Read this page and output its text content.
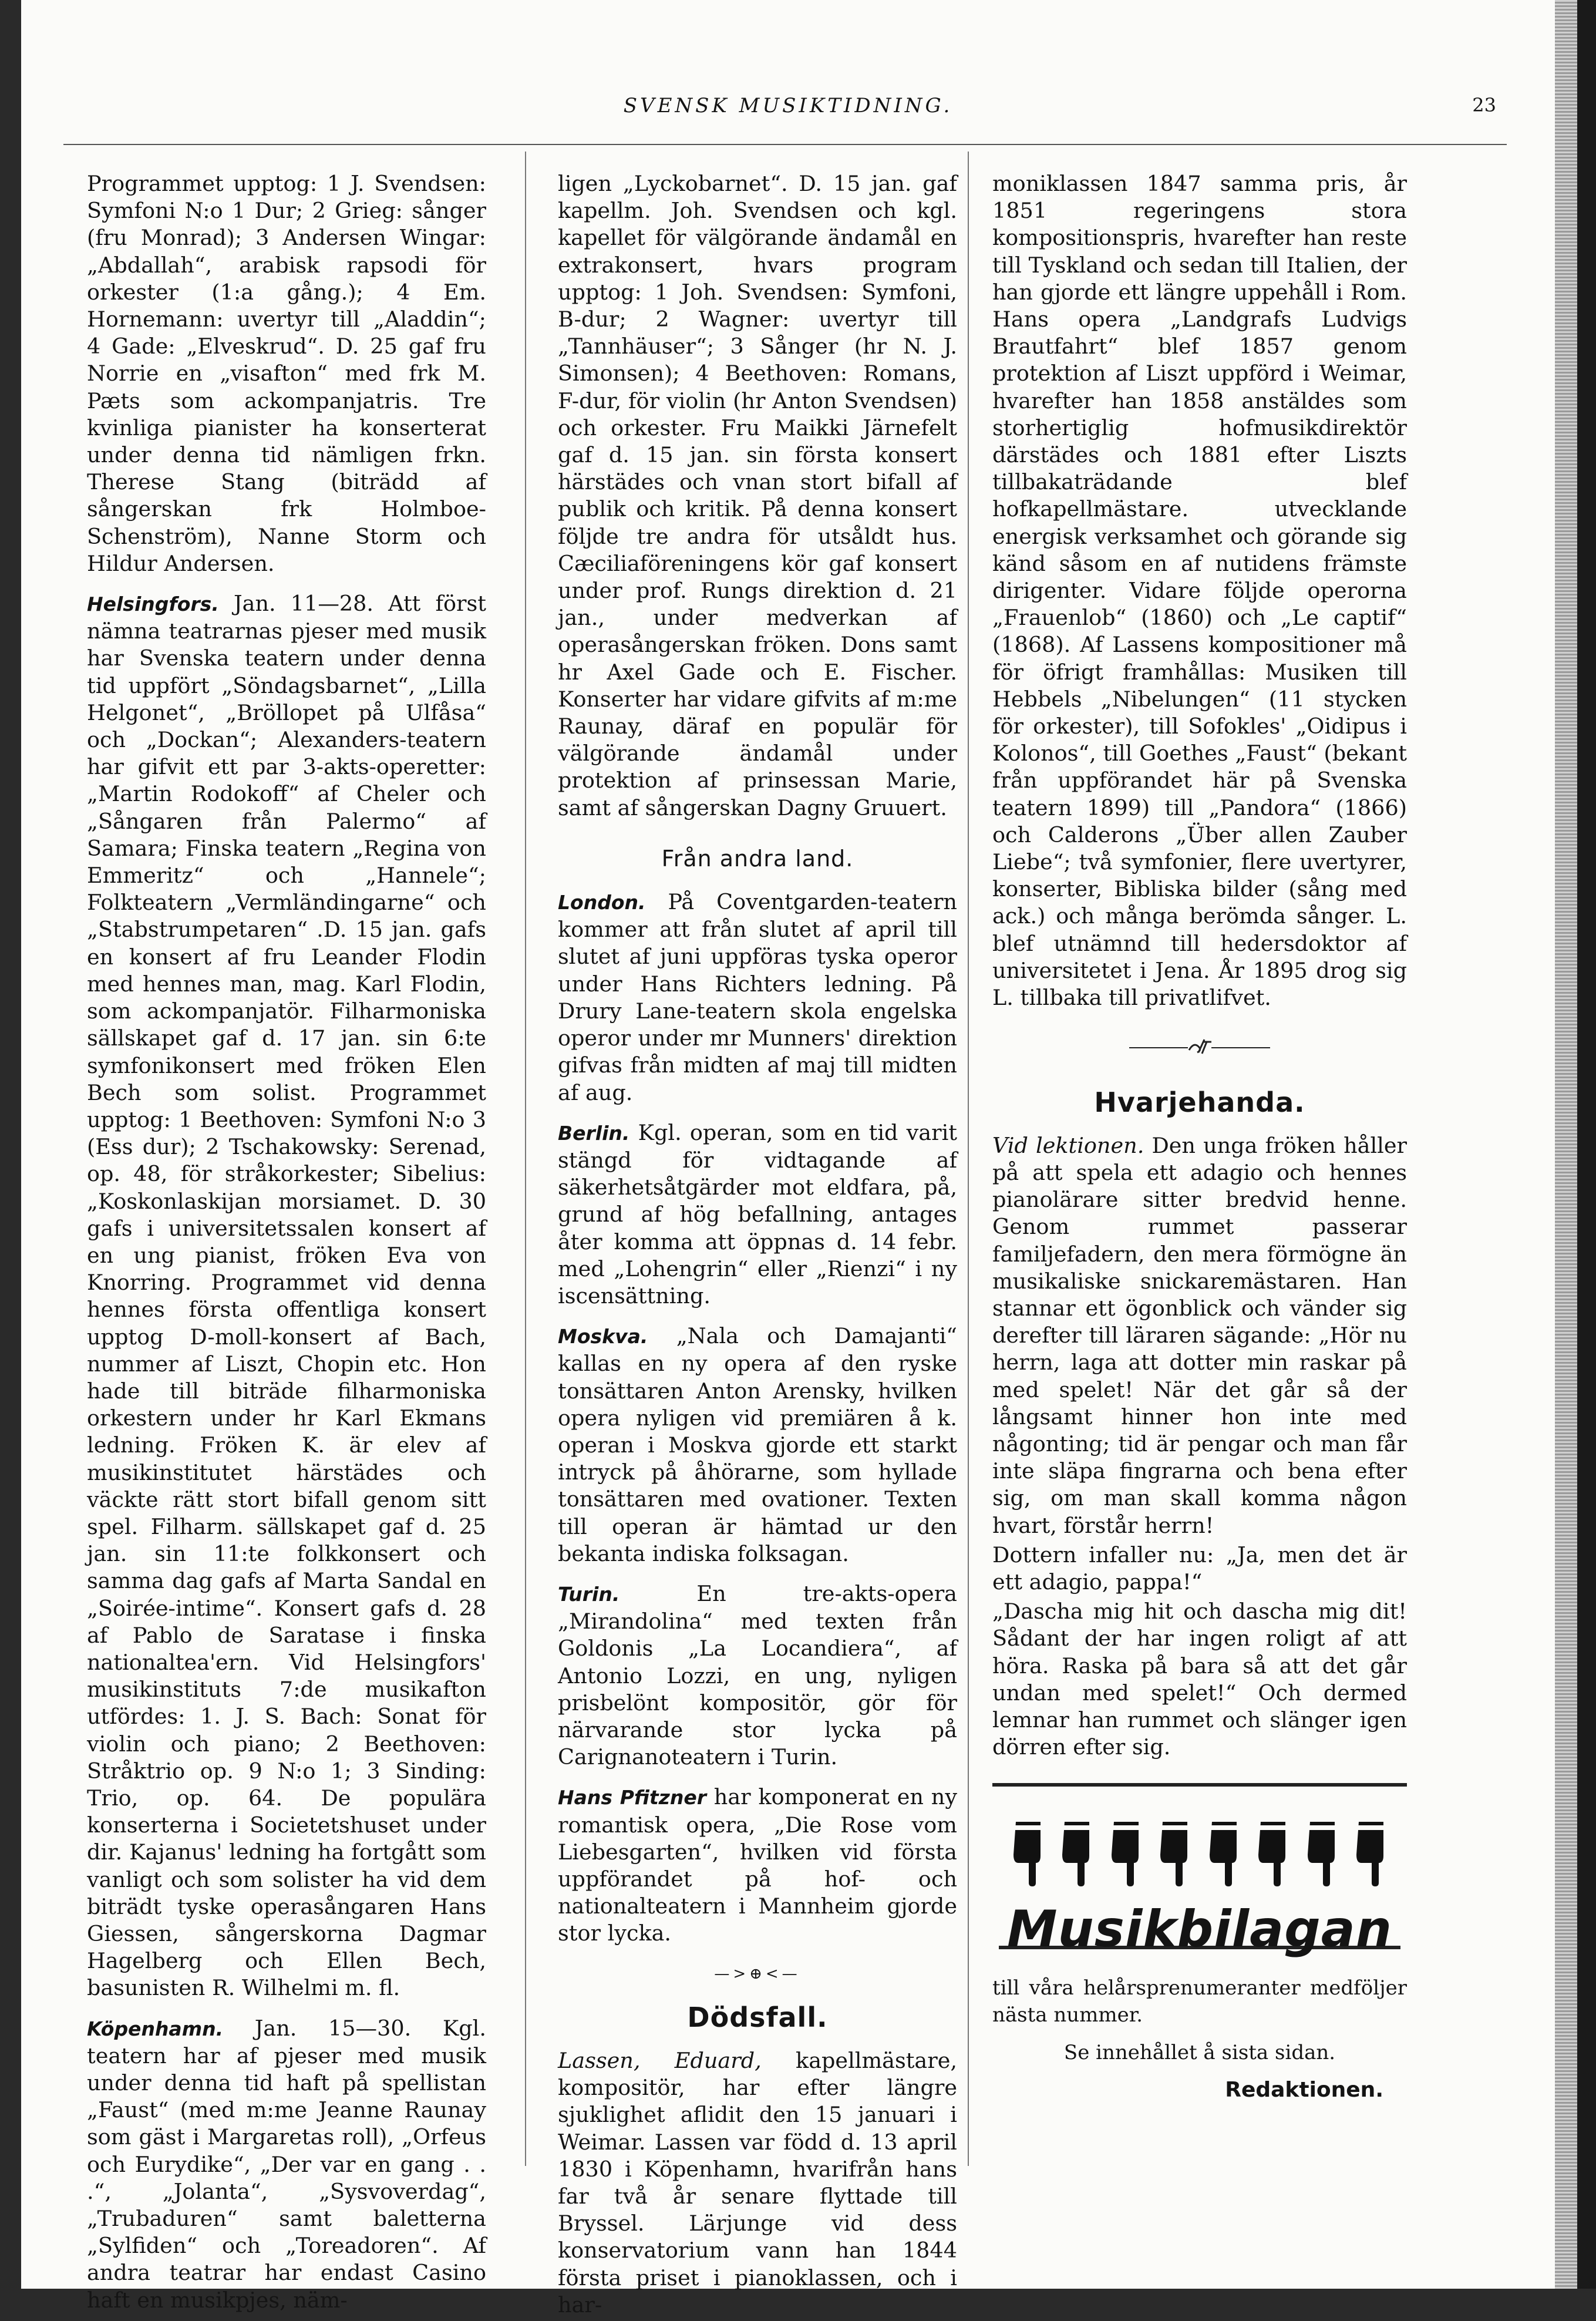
SVENSK MUSIKTIDNING.	23

Programmet upptog: 1 J. Svendsen: Symfoni N:o 1 Dur; 2 Grieg: sånger (fru Monrad); 3 Andersen Wingar: „Abdallah“, arabisk rapsodi för orkester (1:a gång.); 4 Em. Hornemann: uvertyr till „Aladdin“; 4 Gade: „Elveskrud“. D. 25 gaf fru Norrie en „visafton“ med frk M. Pæts som ackompanjatris. Tre kvinliga pianister ha konserterat under denna tid nämligen frkn. Therese Stang (biträdd af sångerskan frk Holmboe-Schenström), Nanne Storm och Hildur Andersen.

Helsingfors. Jan. 11—28. Att först nämna teatrarnas pjeser med musik har Svenska teatern under denna tid uppfört „Söndagsbarnet“, „Lilla Helgonet“, „Bröllopet på Ulfåsa“ och „Dockan“; Alexanders-teatern har gifvit ett par 3-akts-operetter: „Martin Rodokoff“ af Cheler och „Sångaren från Palermo“ af Samara; Finska teatern „Regina von Emmeritz“ och „Hannele“; Folkteatern „Vermländingarne“ och „Stabstrumpetaren“ .D. 15 jan. gafs en konsert af fru Leander Flodin med hennes man, mag. Karl Flodin, som ackompanjatör. Filharmoniska sällskapet gaf d. 17 jan. sin 6:te symfonikonsert med fröken Elen Bech som solist. Programmet upptog: 1 Beethoven: Symfoni N:o 3 (Ess dur); 2 Tschakowsky: Serenad, op. 48, för stråkorkester; Sibelius: „Koskonlaskijan morsiamet. D. 30 gafs i universitetssalen konsert af en ung pianist, fröken Eva von Knorring. Programmet vid denna hennes första offentliga konsert upptog D-moll-konsert af Bach, nummer af Liszt, Chopin etc. Hon hade till biträde filharmoniska orkestern under hr Karl Ekmans ledning. Fröken K. är elev af musikinstitutet härstädes och väckte rätt stort bifall genom sitt spel. Filharm. sällskapet gaf d. 25 jan. sin 11:te folkkonsert och samma dag gafs af Marta Sandal en „Soirée-intime“. Konsert gafs d. 28 af Pablo de Saratase i finska nationaltea'ern. Vid Helsingfors' musikinstituts 7:de musikafton utfördes: 1. J. S. Bach: Sonat för violin och piano; 2 Beethoven: Stråktrio op. 9 N:o 1; 3 Sinding: Trio, op. 64. De populära konserterna i Societetshuset under dir. Kajanus' ledning ha fortgått som vanligt och som solister ha vid dem biträdt tyske operasångaren Hans Giessen, sångerskorna Dagmar Hagelberg och Ellen Bech, basunisten R. Wilhelmi m. fl.

Köpenhamn. Jan. 15—30. Kgl. teatern har af pjeser med musik under denna tid haft på spellistan „Faust“ (med m:me Jeanne Raunay som gäst i Margaretas roll), „Orfeus och Eurydike“, „Der var en gang . . .“, „Jolanta“, „Sysvoverdag“, „Trubaduren“ samt baletterna „Sylfiden“ och „Toreadoren“. Af andra teatrar har endast Casino haft en musikpjes, näm-

ligen „Lyckobarnet“. D. 15 jan. gaf kapellm. Joh. Svendsen och kgl. kapellet för välgörande ändamål en extrakonsert, hvars program upptog: 1 Joh. Svendsen: Symfoni, B-dur; 2 Wagner: uvertyr till „Tannhäuser“; 3 Sånger (hr N. J. Simonsen); 4 Beethoven: Romans, F-dur, för violin (hr Anton Svendsen) och orkester. Fru Maikki Järnefelt gaf d. 15 jan. sin första konsert härstädes och vnan stort bifall af publik och kritik. På denna konsert följde tre andra för utsåldt hus. Cæciliaföreningens kör gaf konsert under prof. Rungs direktion d. 21 jan., under medverkan af operasångerskan fröken. Dons samt hr Axel Gade och E. Fischer. Konserter har vidare gifvits af m:me Raunay, däraf en populär för välgörande ändamål under protektion af prinsessan Marie, samt af sångerskan Dagny Gruuert.

Från andra land.

London. På Coventgarden-teatern kommer att från slutet af april till slutet af juni uppföras tyska operor under Hans Richters ledning. På Drury Lane-teatern skola engelska operor under mr Munners' direktion gifvas från midten af maj till midten af aug.

Berlin. Kgl. operan, som en tid varit stängd för vidtagande af säkerhetsåtgärder mot eldfara, på, grund af hög befallning, antages åter komma att öppnas d. 14 febr. med „Lohengrin“ eller „Rienzi“ i ny iscensättning.

Moskva. „Nala och Damajanti“ kallas en ny opera af den ryske tonsättaren Anton Arensky, hvilken opera nyligen vid premiären å k. operan i Moskva gjorde ett starkt intryck på åhörarne, som hyllade tonsättaren med ovationer. Texten till operan är hämtad ur den bekanta indiska folksagan.

Turin. En tre-akts-opera „Mirandolina“ med texten från Goldonis „La Locandiera“, af Antonio Lozzi, en ung, nyligen prisbelönt kompositör, gör för närvarande stor lycka på Carignanoteatern i Turin.

Hans Pfitzner har komponerat en ny romantisk opera, „Die Rose vom Liebesgarten“, hvilken vid första uppförandet på hof- och nationalteatern i Mannheim gjorde stor lycka.

—>⊕<—
Dödsfall.

Lassen, Eduard, kapellmästare, kompositör, har efter längre sjuklighet aflidit den 15 januari i Weimar. Lassen var född d. 13 april 1830 i Köpenhamn, hvarifrån hans far två år senare flyttade till Bryssel. Lärjunge vid dess konservatorium vann han 1844 första priset i pianoklassen, och i har-

moniklassen 1847 samma pris, år 1851 regeringens stora kompositionspris, hvarefter han reste till Tyskland och sedan till Italien, der han gjorde ett längre uppehåll i Rom. Hans opera „Landgrafs Ludvigs Brautfahrt“ blef 1857 genom protektion af Liszt uppförd i Weimar, hvarefter han 1858 anstäldes som storhertiglig hofmusikdirektör därstädes och 1881 efter Liszts tillbakaträdande blef hofkapellmästare. utvecklande energisk verksamhet och görande sig känd såsom en af nutidens främste dirigenter. Vidare följde operorna „Frauenlob“ (1860) och „Le captif“ (1868). Af Lassens kompositioner må för öfrigt framhållas: Musiken till Hebbels „Nibelungen“ (11 stycken för orkester), till Sofokles' „Oidipus i Kolonos“, till Goethes „Faust“ (bekant från uppförandet här på Svenska teatern 1899) till „Pandora“ (1866) och Calderons „Über allen Zauber Liebe“; två symfonier, flere uvertyrer, konserter, Bibliska bilder (sång med ack.) och många berömda sånger. L. blef utnämnd till hedersdoktor af universitetet i Jena. År 1895 drog sig L. tillbaka till privatlifvet.

Hvarjehanda.

Vid lektionen. Den unga fröken håller på att spela ett adagio och hennes pianolärare sitter bredvid henne. Genom rummet passerar familjefadern, den mera förmögne än musikaliske snickaremästaren. Han stannar ett ögonblick och vänder sig derefter till läraren sägande: „Hör nu herrn, laga att dotter min raskar på med spelet! När det går så der långsamt hinner hon inte med någonting; tid är pengar och man får inte släpa fingrarna och bena efter sig, om man skall komma någon hvart, förstår herrn!

Dottern infaller nu: „Ja, men det är ett adagio, pappa!“

„Dascha mig hit och dascha mig dit! Sådant der har ingen roligt af att höra. Raska på bara så att det går undan med spelet!“ Och dermed lemnar han rummet och slänger igen dörren efter sig.

Musikbilagan

till våra helårsprenumeranter medföljer nästa nummer.

Se innehållet å sista sidan.

Redaktionen.
